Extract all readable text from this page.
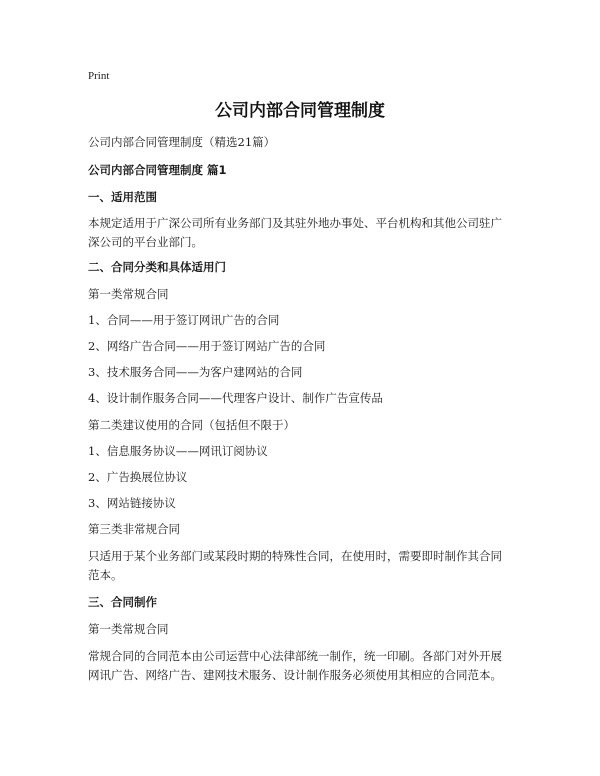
Print
公司内部合同管理制度
公司内部合同管理制度（精选21篇）
公司内部合同管理制度 篇1
一、适用范围
本规定适用于广深公司所有业务部门及其驻外地办事处、平台机构和其他公司驻广
深公司的平台业部门。
二、合同分类和具体适用门
第一类常规合同
1、合同——用于签订网讯广告的合同
2、网络广告合同——用于签订网站广告的合同
3、技术服务合同——为客户建网站的合同
4、设计制作服务合同——代理客户设计、制作广告宣传品
第二类建议使用的合同（包括但不限于）
1、信息服务协议——网讯订阅协议
2、广告换展位协议
3、网站链接协议
第三类非常规合同
只适用于某个业务部门或某段时期的特殊性合同，在使用时，需要即时制作其合同
范本。
三、合同制作
第一类常规合同
常规合同的合同范本由公司运营中心法律部统一制作，统一印刷。各部门对外开展
网讯广告、网络广告、建网技术服务、设计制作服务必须使用其相应的合同范本。
